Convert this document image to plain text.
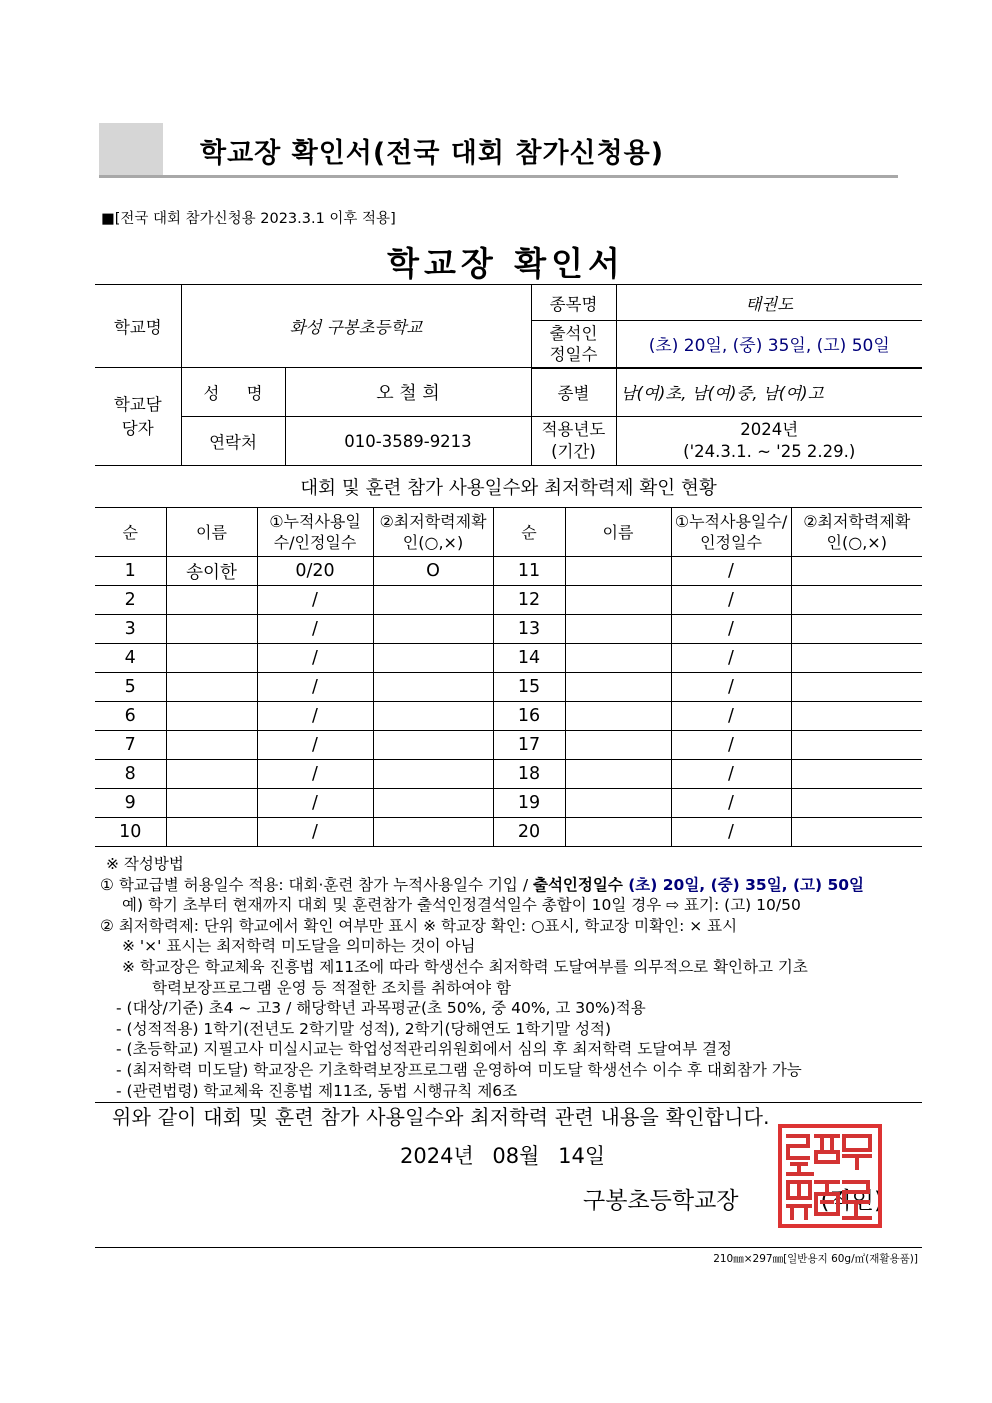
학교장 확인서(전국 대회 참가신청용)
■[전국 대회 참가신청용 2023.3.1 이후 적용]
학교장 확인서
학교명	화성 구봉초등학교		종목명	태권도
			출석인정일수	(초) 20일, (중) 35일, (고) 50일
학교담당자	성 명	오 철 희	종별	남(여)초, 남(여)중, 남(여)고
	연락처	010-3589-9213	적용년도(기간)	2024년
('24.3.1. ~ '25 2.29.)
대회 및 훈련 참가 사용일수와 최저학력제 확인 현황
순	이름	①누적사용일수/인정일수	②최저학력제확인(○,×)	순	이름	①누적사용일수/인정일수	②최저학력제확인(○,×)
1	송이한	0/20	O	11		/	
2		/		12		/	
3		/		13		/	
4		/		14		/	
5		/		15		/	
6		/		16		/	
7		/		17		/	
8		/		18		/	
9		/		19		/	
10		/		20		/	
※ 작성방법
① 학교급별 허용일수 적용: 대회·훈련 참가 누적사용일수 기입 / 출석인정일수 (초) 20일, (중) 35일, (고) 50일
예) 학기 초부터 현재까지 대회 및 훈련참가 출석인정결석일수 총합이 10일 경우 ⇨ 표기: (고) 10/50
② 최저학력제: 단위 학교에서 확인 여부만 표시 ※ 학교장 확인: ○표시, 학교장 미확인: × 표시
※ '×' 표시는 최저학력 미도달을 의미하는 것이 아님
※ 학교장은 학교체육 진흥법 제11조에 따라 학생선수 최저학력 도달여부를 의무적으로 확인하고 기초
학력보장프로그램 운영 등 적절한 조치를 취하여야 함
- (대상/기준) 초4 ~ 고3 / 해당학년 과목평균(초 50%, 중 40%, 고 30%)적용
- (성적적용) 1학기(전년도 2학기말 성적), 2학기(당해연도 1학기말 성적)
- (초등학교) 지필고사 미실시교는 학업성적관리위원회에서 심의 후 최저학력 도달여부 결정
- (최저학력 미도달) 학교장은 기초학력보장프로그램 운영하여 미도달 학생선수 이수 후 대회참가 가능
- (관련법령) 학교체육 진흥법 제11조, 동법 시행규칙 제6조
위와 같이 대회 및 훈련 참가 사용일수와 최저학력 관련 내용을 확인합니다.
2024년 08월 14일
구봉초등학교장	(직인)
210㎜×297㎜[일반용지 60g/㎡(재활용품)]
